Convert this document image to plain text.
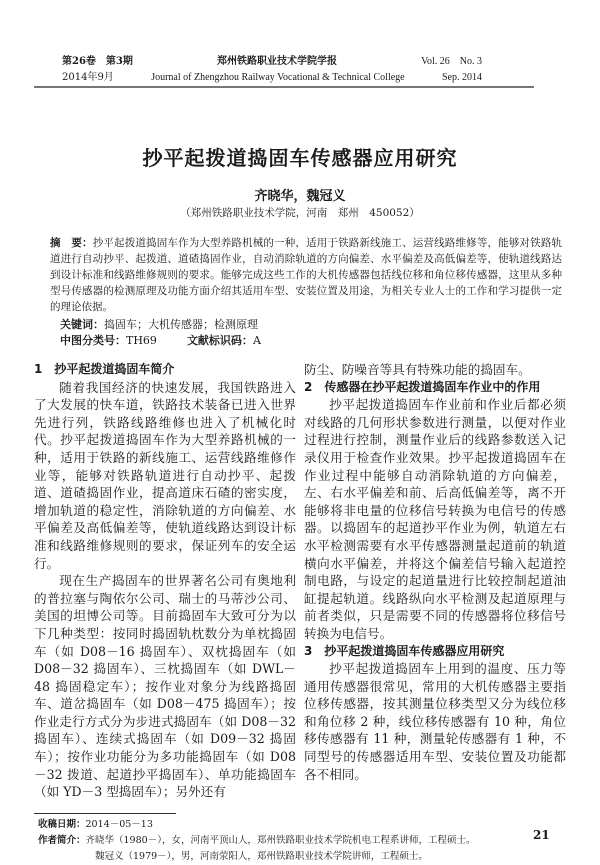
第26卷　第3期	郑州铁路职业技术学院学报	Vol. 26　No. 3
2014年9月	Journal of Zhengzhou Railway Vocational & Technical College	Sep. 2014
抄平起拨道捣固车传感器应用研究
齐晓华，魏冠义
（郑州铁路职业技术学院，河南　郑州　450052）
摘　要：抄平起拨道捣固车作为大型养路机械的一种，适用于铁路新线施工、运营线路维修等，能够对铁路轨道进行自动抄平、起拨道、道碴捣固作业，自动消除轨道的方向偏差、水平偏差及高低偏差等，使轨道线路达到设计标准和线路维修规则的要求。能够完成这些工作的大机传感器包括线位移和角位移传感器，这里从多种型号传感器的检测原理及功能方面介绍其适用车型、安装位置及用途，为相关专业人士的工作和学习提供一定的理论依据。
关键词：捣固车；大机传感器；检测原理
中图分类号：TH69	文献标识码：A
1　抄平起拨道捣固车简介

随着我国经济的快速发展，我国铁路进入了大发展的快车道，铁路技术装备已进入世界先进行列，铁路线路维修也进入了机械化时代。抄平起拨道捣固车作为大型养路机械的一种，适用于铁路的新线施工、运营线路维修作业等，能够对铁路轨道进行自动抄平、起拨道、道碴捣固作业，提高道床石碴的密实度，增加轨道的稳定性，消除轨道的方向偏差、水平偏差及高低偏差等，使轨道线路达到设计标准和线路维修规则的要求，保证列车的安全运行。

现在生产捣固车的世界著名公司有奥地利的普拉塞与陶依尔公司、瑞士的马蒂沙公司、美国的坦博公司等。目前捣固车大致可分为以下几种类型：按同时捣固轨枕数分为单枕捣固车（如 D08－16 捣固车）、双枕捣固车（如 D08－32 捣固车）、三枕捣固车（如 DWL－48 捣固稳定车）；按作业对象分为线路捣固车、道岔捣固车（如 D08－475 捣固车）；按作业走行方式分为步进式捣固车（如 D08－32 捣固车）、连续式捣固车（如 D09－32 捣固车）；按作业功能分为多功能捣固车（如 D08－32 拨道、起道抄平捣固车）、单功能捣固车（如 YD－3 型捣固车）；另外还有

防尘、防噪音等具有特殊功能的捣固车。

2　传感器在抄平起拨道捣固车作业中的作用

抄平起拨道捣固车作业前和作业后都必须对线路的几何形状参数进行测量，以便对作业过程进行控制，测量作业后的线路参数送入记录仪用于检查作业效果。抄平起拨道捣固车在作业过程中能够自动消除轨道的方向偏差，左、右水平偏差和前、后高低偏差等，离不开能够将非电量的位移信号转换为电信号的传感器。以捣固车的起道抄平作业为例，轨道左右水平检测需要有水平传感器测量起道前的轨道横向水平偏差，并将这个偏差信号输入起道控制电路，与设定的起道量进行比较控制起道油缸提起轨道。线路纵向水平检测及起道原理与前者类似，只是需要不同的传感器将位移信号转换为电信号。

3　抄平起拨道捣固车传感器应用研究

抄平起拨道捣固车上用到的温度、压力等通用传感器很常见，常用的大机传感器主要指位移传感器，按其测量位移类型又分为线位移和角位移 2 种，线位移传感器有 10 种，角位移传感器有 11 种，测量轮传感器有 1 种，不同型号的传感器适用车型、安装位置及功能都各不相同。

收稿日期：2014－05－13
作者简介：齐晓华（1980－），女，河南平顶山人，郑州铁路职业技术学院机电工程系讲师，工程硕士。
魏冠义（1979－），男，河南荥阳人，郑州铁路职业技术学院讲师，工程硕士。
21
